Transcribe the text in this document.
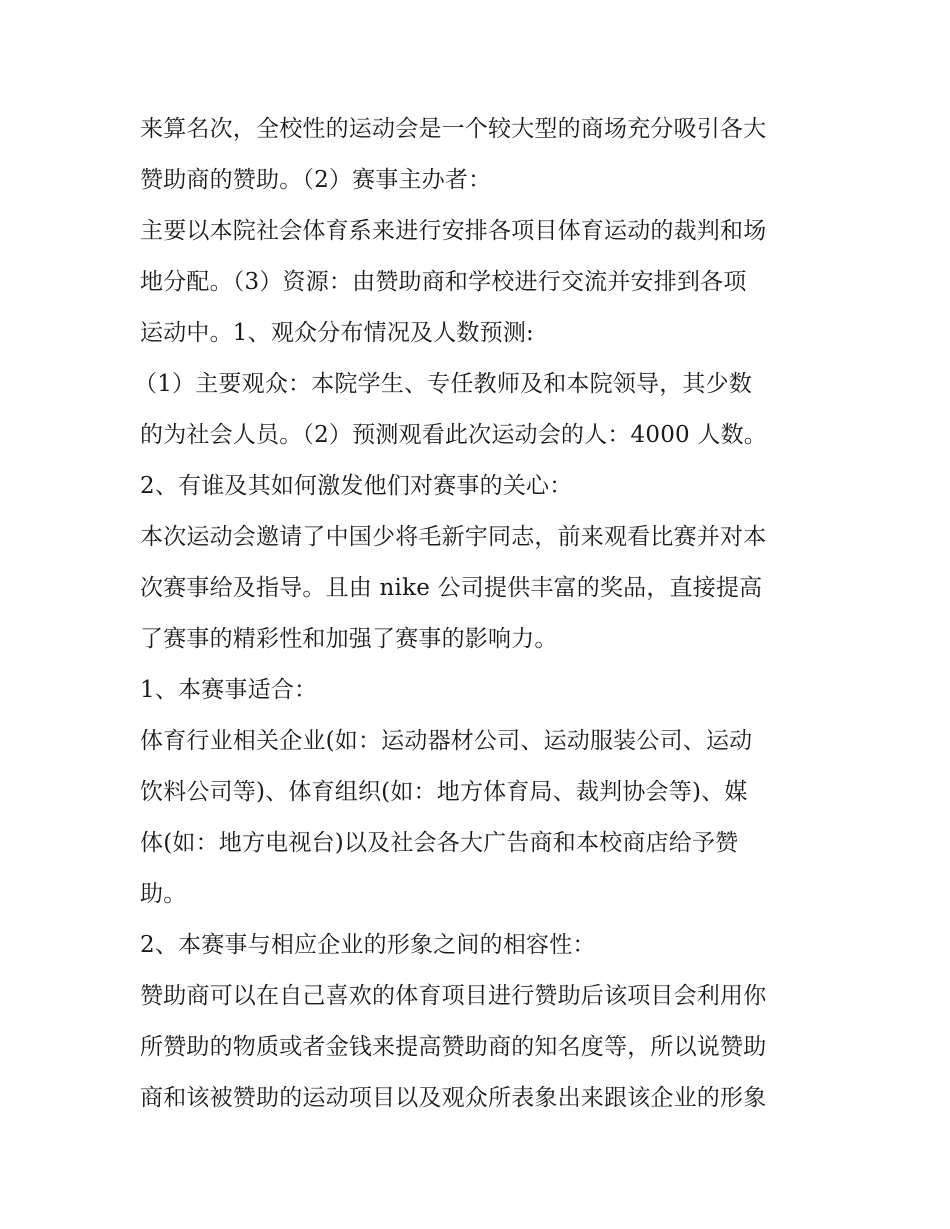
来算名次，全校性的运动会是一个较大型的商场充分吸引各大
赞助商的赞助。（2）赛事主办者：
主要以本院社会体育系来进行安排各项目体育运动的裁判和场
地分配。（3）资源：由赞助商和学校进行交流并安排到各项
运动中。1、观众分布情况及人数预测:
（1）主要观众：本院学生、专任教师及和本院领导，其少数
的为社会人员。（2）预测观看此次运动会的人：4000 人数。
2、有谁及其如何激发他们对赛事的关心：
本次运动会邀请了中国少将毛新宇同志，前来观看比赛并对本
次赛事给及指导。且由 nike 公司提供丰富的奖品，直接提高
了赛事的精彩性和加强了赛事的影响力。
1、本赛事适合：
体育行业相关企业(如：运动器材公司、运动服装公司、运动
饮料公司等)、体育组织(如：地方体育局、裁判协会等)、媒
体(如：地方电视台)以及社会各大广告商和本校商店给予赞
助。
2、本赛事与相应企业的形象之间的相容性：
赞助商可以在自己喜欢的体育项目进行赞助后该项目会利用你
所赞助的物质或者金钱来提高赞助商的知名度等，所以说赞助
商和该被赞助的运动项目以及观众所表象出来跟该企业的形象
